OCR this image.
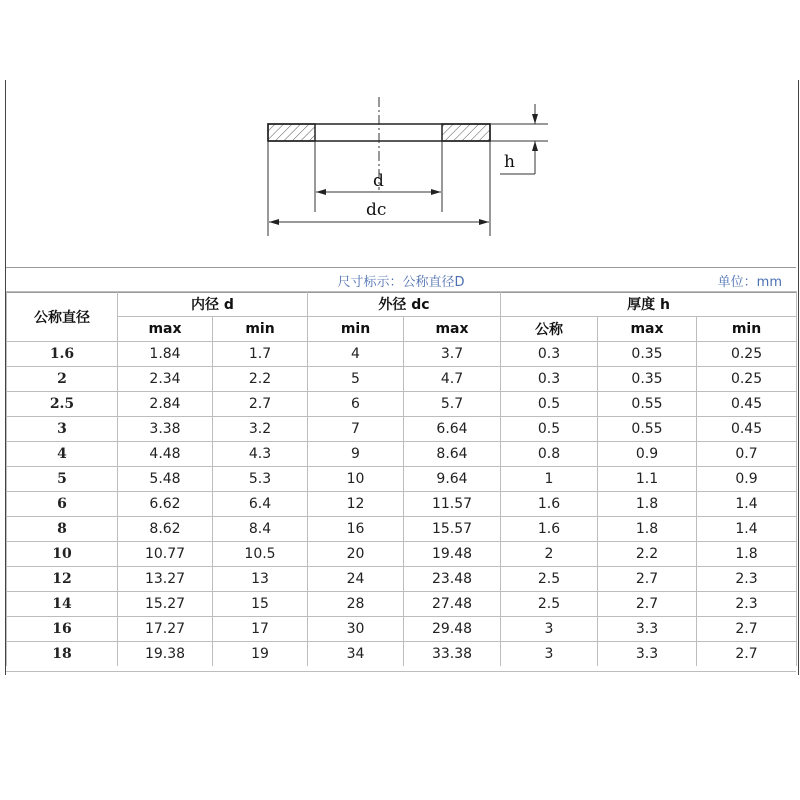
h
d
dc
尺寸标示：公称直径D	单位：mm
公称直径	内径 d		外径 dc		厚度 h		
	max	min	min	max	公称	max	min
1.6	1.84	1.7	4	3.7	0.3	0.35	0.25
2	2.34	2.2	5	4.7	0.3	0.35	0.25
2.5	2.84	2.7	6	5.7	0.5	0.55	0.45
3	3.38	3.2	7	6.64	0.5	0.55	0.45
4	4.48	4.3	9	8.64	0.8	0.9	0.7
5	5.48	5.3	10	9.64	1	1.1	0.9
6	6.62	6.4	12	11.57	1.6	1.8	1.4
8	8.62	8.4	16	15.57	1.6	1.8	1.4
10	10.77	10.5	20	19.48	2	2.2	1.8
12	13.27	13	24	23.48	2.5	2.7	2.3
14	15.27	15	28	27.48	2.5	2.7	2.3
16	17.27	17	30	29.48	3	3.3	2.7
18	19.38	19	34	33.38	3	3.3	2.7
